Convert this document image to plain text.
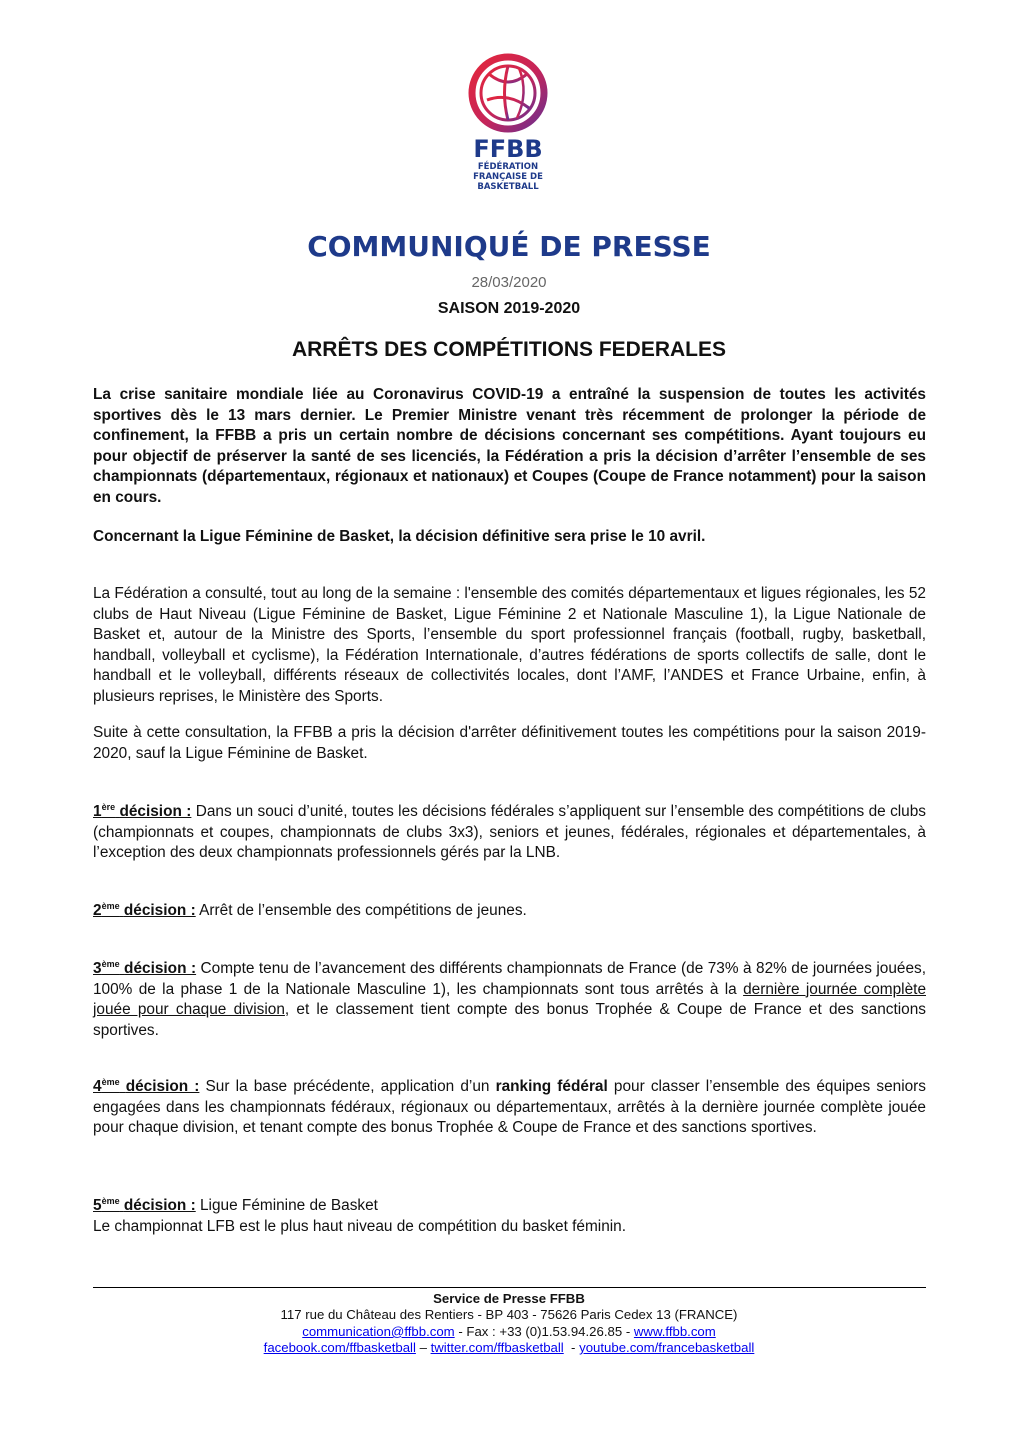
FFBB
FÉDÉRATION
FRANÇAISE DE
BASKETBALL
COMMUNIQUÉ DE PRESSE
28/03/2020
SAISON 2019-2020
ARRÊTS DES COMPÉTITIONS FEDERALES

La crise sanitaire mondiale liée au Coronavirus COVID-19 a entraîné la suspension de toutes les activités sportives dès le 13 mars dernier. Le Premier Ministre venant très récemment de prolonger la période de confinement, la FFBB a pris un certain nombre de décisions concernant ses compétitions. Ayant toujours eu pour objectif de préserver la santé de ses licenciés, la Fédération a pris la décision d’arrêter l’ensemble de ses championnats (départementaux, régionaux et nationaux) et Coupes (Coupe de France notamment) pour la saison en cours.

Concernant la Ligue Féminine de Basket, la décision définitive sera prise le 10 avril.

La Fédération a consulté, tout au long de la semaine : l'ensemble des comités départementaux et ligues régionales, les 52 clubs de Haut Niveau (Ligue Féminine de Basket, Ligue Féminine 2 et Nationale Masculine 1), la Ligue Nationale de Basket et, autour de la Ministre des Sports, l’ensemble du sport professionnel français (football, rugby, basketball, handball, volleyball et cyclisme), la Fédération Internationale, d’autres fédérations de sports collectifs de salle, dont le handball et le volleyball, différents réseaux de collectivités locales, dont l’AMF, l’ANDES et France Urbaine, enfin, à plusieurs reprises, le Ministère des Sports.

Suite à cette consultation, la FFBB a pris la décision d'arrêter définitivement toutes les compétitions pour la saison 2019-2020, sauf la Ligue Féminine de Basket.

1ère décision : Dans un souci d’unité, toutes les décisions fédérales s’appliquent sur l’ensemble des compétitions de clubs (championnats et coupes, championnats de clubs 3x3), seniors et jeunes, fédérales, régionales et départementales, à l’exception des deux championnats professionnels gérés par la LNB.

2ème décision : Arrêt de l’ensemble des compétitions de jeunes.

3ème décision : Compte tenu de l’avancement des différents championnats de France (de 73% à 82% de journées jouées, 100% de la phase 1 de la Nationale Masculine 1), les championnats sont tous arrêtés à la dernière journée complète jouée pour chaque division, et le classement tient compte des bonus Trophée & Coupe de France et des sanctions sportives.

4ème décision : Sur la base précédente, application d’un ranking fédéral pour classer l’ensemble des équipes seniors engagées dans les championnats fédéraux, régionaux ou départementaux, arrêtés à la dernière journée complète jouée pour chaque division, et tenant compte des bonus Trophée & Coupe de France et des sanctions sportives.

5ème décision : Ligue Féminine de Basket
Le championnat LFB est le plus haut niveau de compétition du basket féminin.

Service de Presse FFBB
117 rue du Château des Rentiers - BP 403 - 75626 Paris Cedex 13 (FRANCE)
communication@ffbb.com - Fax : +33 (0)1.53.94.26.85 - www.ffbb.com
facebook.com/ffbasketball – twitter.com/ffbasketball  - youtube.com/francebasketball
